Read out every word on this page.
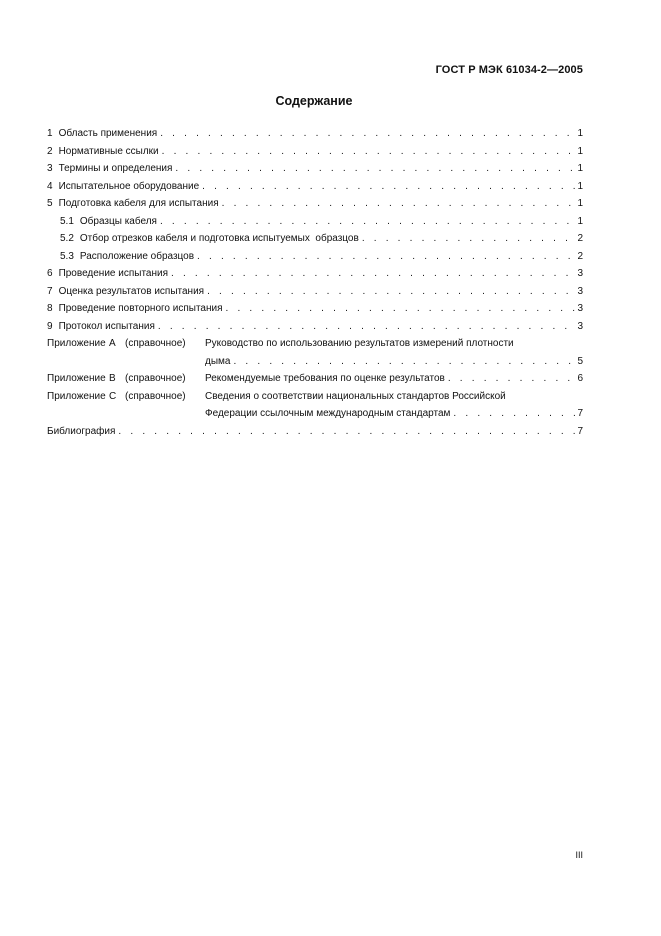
ГОСТ Р МЭК 61034-2—2005
Содержание
1 Область применения . . .	1
2 Нормативные ссылки . . .	1
3 Термины и определения . . .	1
4 Испытательное оборудование . . .	1
5 Подготовка кабеля для испытания . . .	1
5.1 Образцы кабеля . . .	1
5.2 Отбор отрезков кабеля и подготовка испытуемых  образцов . . .	2
5.3 Расположение образцов . . .	2
6 Проведение испытания . . .	3
7 Оценка результатов испытания . . .	3
8 Проведение повторного испытания . . .	3
9 Протокол испытания . . .	3
Приложение А (справочное)	Руководство по использованию результатов измерений плотности
дыма . . .	5
Приложение В (справочное)	Рекомендуемые требования по оценке результатов . . .	6
Приложение С (справочное)	Сведения о соответствии национальных стандартов Российской
Федерации ссылочным международным стандартам . . .	7
Библиография . . .	7
III
